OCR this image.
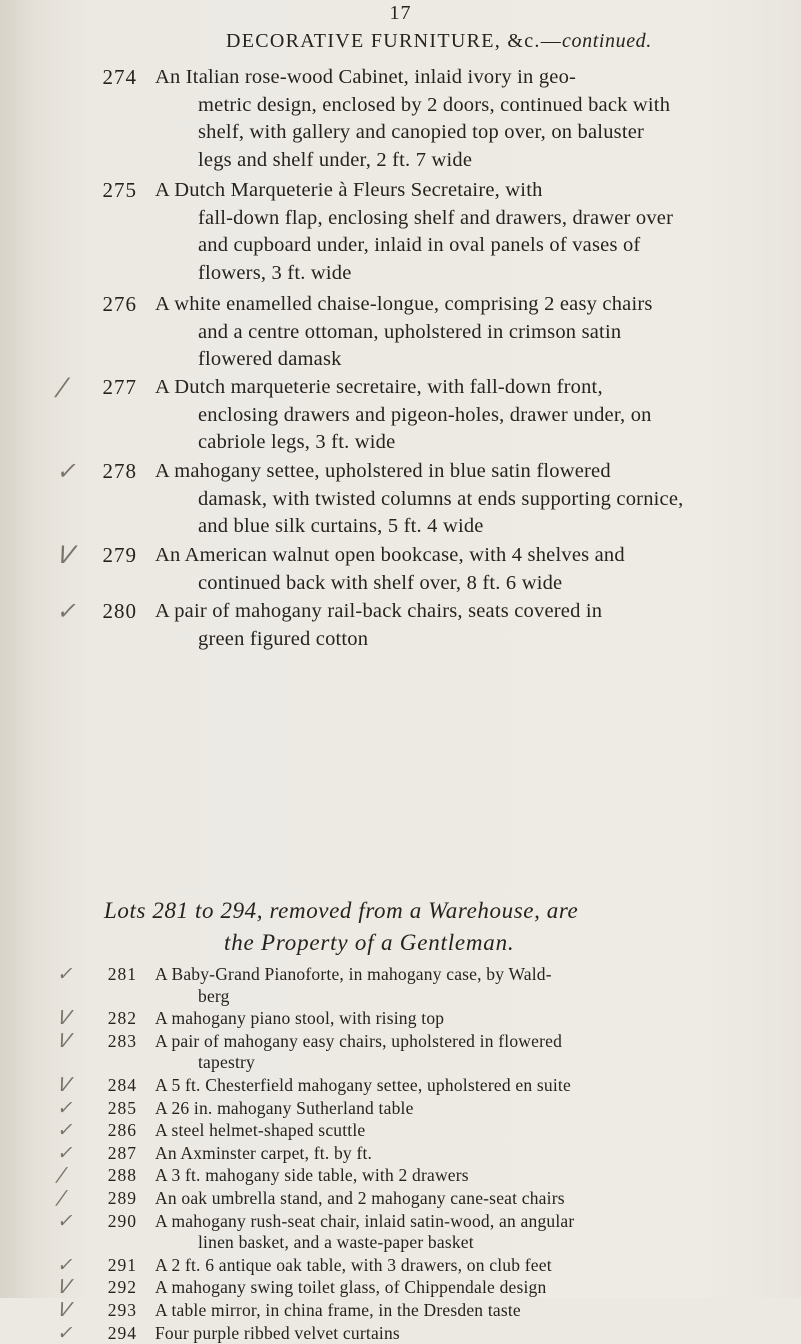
17
DECORATIVE FURNITURE, &c.—continued.
274 An Italian rose-wood Cabinet, inlaid ivory in geo-
metric design, enclosed by 2 doors, continued back with
shelf, with gallery and canopied top over, on baluster
legs and shelf under, 2 ft. 7 wide
275 A Dutch Marqueterie à Fleurs Secretaire, with
fall-down flap, enclosing shelf and drawers, drawer over
and cupboard under, inlaid in oval panels of vases of
flowers, 3 ft. wide
276 A white enamelled chaise-longue, comprising 2 easy chairs
and a centre ottoman, upholstered in crimson satin
flowered damask
/	277 A Dutch marqueterie secretaire, with fall-down front,
enclosing drawers and pigeon-holes, drawer under, on
cabriole legs, 3 ft. wide
✓	278 A mahogany settee, upholstered in blue satin flowered
damask, with twisted columns at ends supporting cornice,
and blue silk curtains, 5 ft. 4 wide
V	279 An American walnut open bookcase, with 4 shelves and
continued back with shelf over, 8 ft. 6 wide
✓	280 A pair of mahogany rail-back chairs, seats covered in
green figured cotton
Lots 281 to 294, removed from a Warehouse, are
the Property of a Gentleman.
✓	281 A Baby-Grand Pianoforte, in mahogany case, by Wald-
berg
V	282 A mahogany piano stool, with rising top
V	283 A pair of mahogany easy chairs, upholstered in flowered
tapestry
V	284 A 5 ft. Chesterfield mahogany settee, upholstered en suite
✓	285 A 26 in. mahogany Sutherland table
✓	286 A steel helmet-shaped scuttle
✓	287 An Axminster carpet, ft. by ft.
/	288 A 3 ft. mahogany side table, with 2 drawers
/	289 An oak umbrella stand, and 2 mahogany cane-seat chairs
✓	290 A mahogany rush-seat chair, inlaid satin-wood, an angular
linen basket, and a waste-paper basket
✓	291 A 2 ft. 6 antique oak table, with 3 drawers, on club feet
V	292 A mahogany swing toilet glass, of Chippendale design
V	293 A table mirror, in china frame, in the Dresden taste
✓	294 Four purple ribbed velvet curtains
